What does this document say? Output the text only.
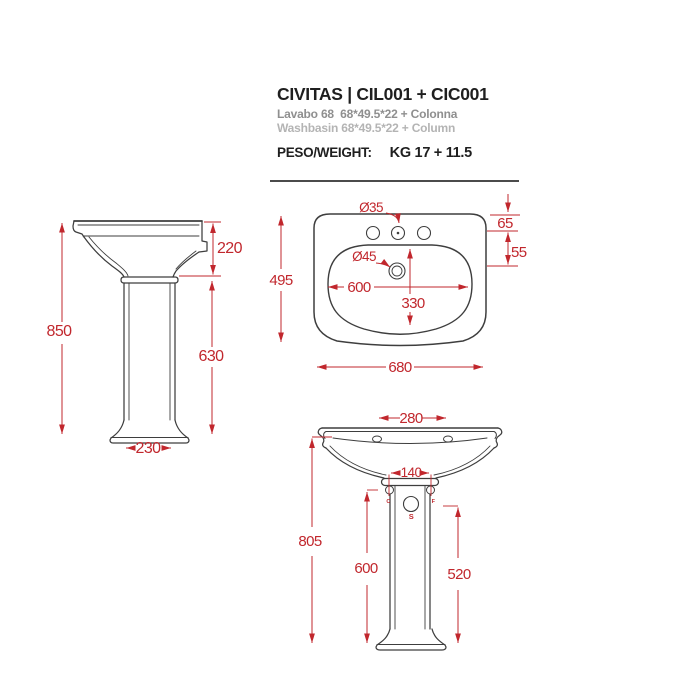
CIVITAS | CIL001 + CIC001
Lavabo 68  68*49.5*22 + Colonna
Washbasin 68*49.5*22 + Column
PESO/WEIGHT: KG 17 + 11.5
220
850
630
230
Ø35
Ø45
65
55
495	600
330
680
280
140
805
600	520
S
C	F
